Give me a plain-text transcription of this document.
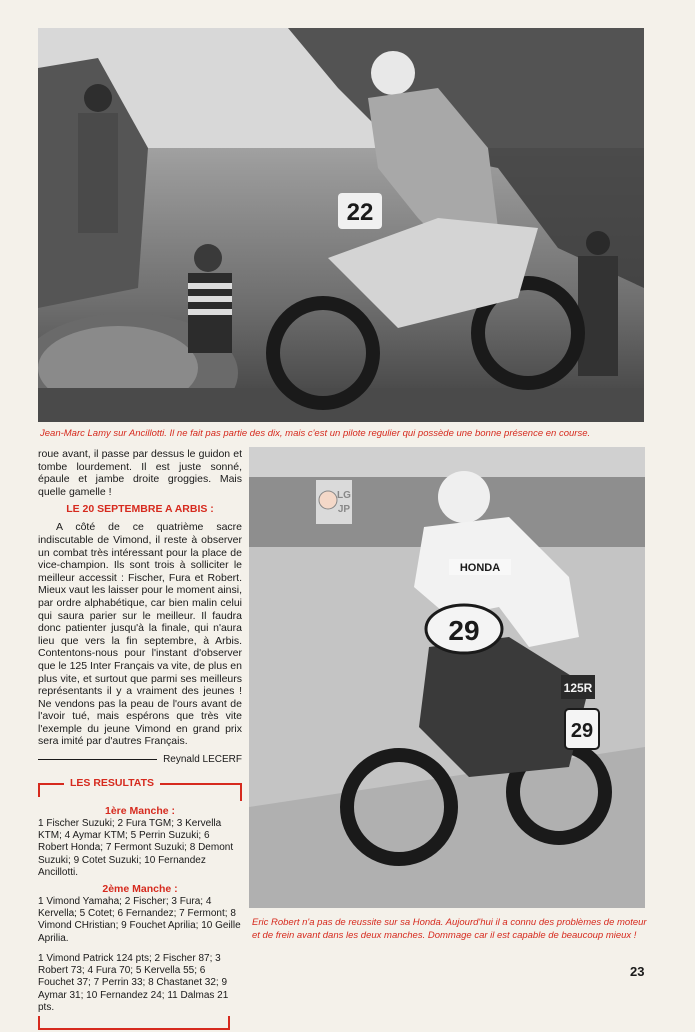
22
Jean-Marc Lamy sur Ancillotti. Il ne fait pas partie des dix, mais c'est un pilote regulier qui possède une bonne présence en course.

roue avant, il passe par dessus le guidon et tombe lourdement. Il est juste sonné, épaule et jambe droite groggies. Mais quelle gamelle !

LE 20 SEPTEMBRE A ARBIS :

A côté de ce quatrième sacre indiscutable de Vimond, il reste à observer un combat très intéressant pour la place de vice-champion. Ils sont trois à solliciter le meilleur accessit : Fischer, Fura et Robert. Mieux vaut les laisser pour le moment ainsi, par ordre alphabétique, car bien malin celui qui saura parier sur le meilleur. Il faudra donc patienter jusqu'à la finale, qui n'aura lieu que vers la fin septembre, à Arbis. Contentons-nous pour l'instant d'observer que le 125 Inter Français va vite, de plus en plus vite, et surtout que parmi ses meilleurs représentants il y a vraiment des jeunes ! Ne vendons pas la peau de l'ours avant de l'avoir tué, mais espérons que très vite l'exemple du jeune Vimond en grand prix sera imité par d'autres Français.

Reynald LECERF
LES RESULTATS
1ère Manche :

1 Fischer Suzuki; 2 Fura TGM; 3 Kervella KTM; 4 Aymar KTM; 5 Perrin Suzuki; 6 Robert Honda; 7 Fermont Suzuki; 8 Demont Suzuki; 9 Cotet Suzuki; 10 Fernandez Ancillotti.

2ème Manche :

1 Vimond Yamaha; 2 Fischer; 3 Fura; 4 Kervella; 5 Cotet; 6 Fernandez; 7 Fermont; 8 Vimond CHristian; 9 Fouchet Aprilia; 10 Geille Aprilia.

1 Vimond Patrick 124 pts; 2 Fischer 87; 3 Robert 73; 4 Fura 70; 5 Kervella 55; 6 Fouchet 37; 7 Perrin 33; 8 Chastanet 32; 9 Aymar 31; 10 Fernandez 24; 11 Dalmas 21 pts.

HONDA
29
125R
29
Eric Robert n'a pas de reussite sur sa Honda. Aujourd'hui il a connu des problèmes de moteur et de frein avant dans les deux manches. Dommage car il est capable de beaucoup mieux !
LG
JP
23
